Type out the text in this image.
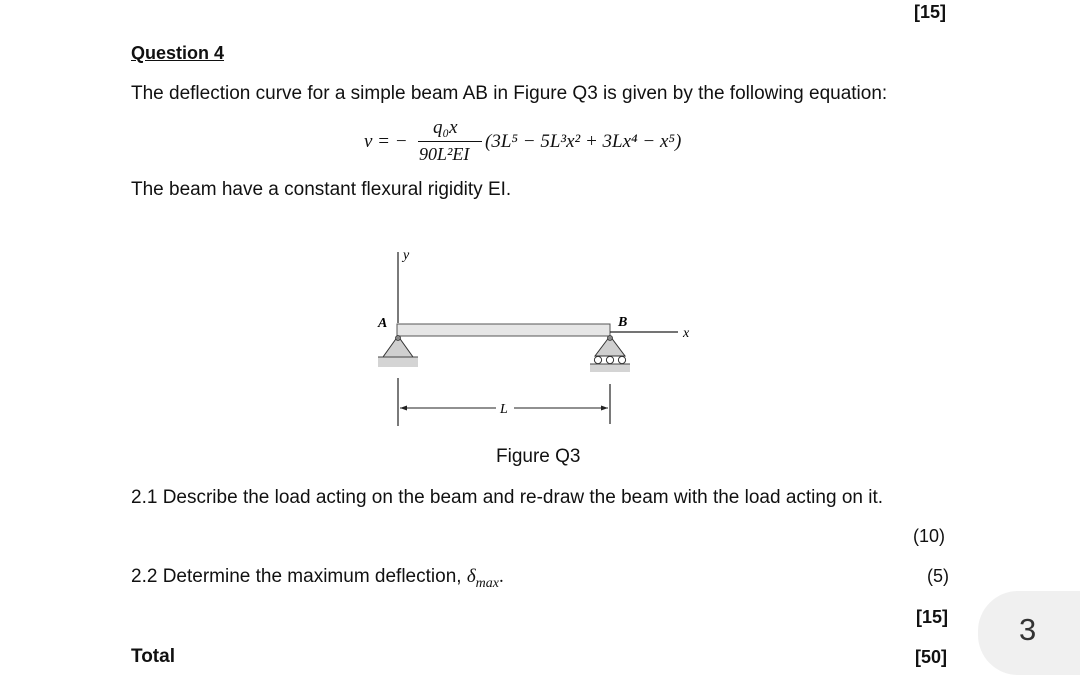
[15]
Question 4
The deflection curve for a simple beam AB in Figure Q3 is given by the following equation:
v = −
q₀x
90L²EI
(3L⁵ − 5L³x² + 3Lx⁴ − x⁵)
The beam have a constant flexural rigidity EI.
y
A	B
x
L
Figure Q3
2.1 Describe the load acting on the beam and re-draw the beam with the load acting on it.
(10)
2.2 Determine the maximum deflection, $\delta_{max}$.	(5)
[15]
Total	[50]
3
